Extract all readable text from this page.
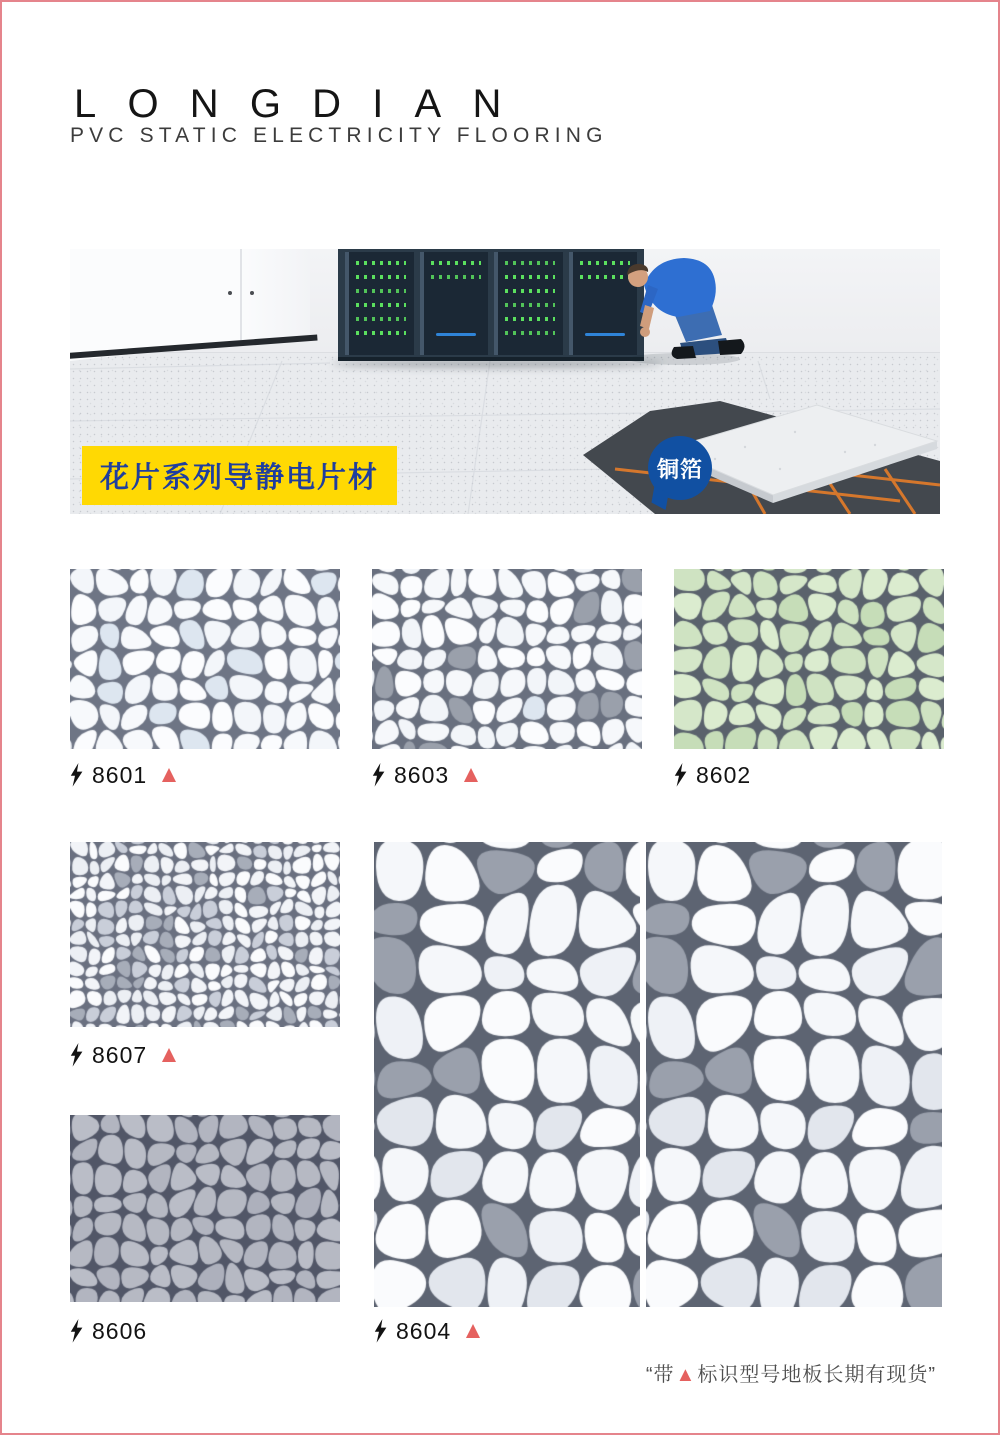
LONGDIAN
PVC STATIC ELECTRICITY FLOORING
花片系列导静电片材	铜箔
8601 ▲	8603 ▲	8602
8607 ▲
8606	8604 ▲
“带▲标识型号地板长期有现货”
